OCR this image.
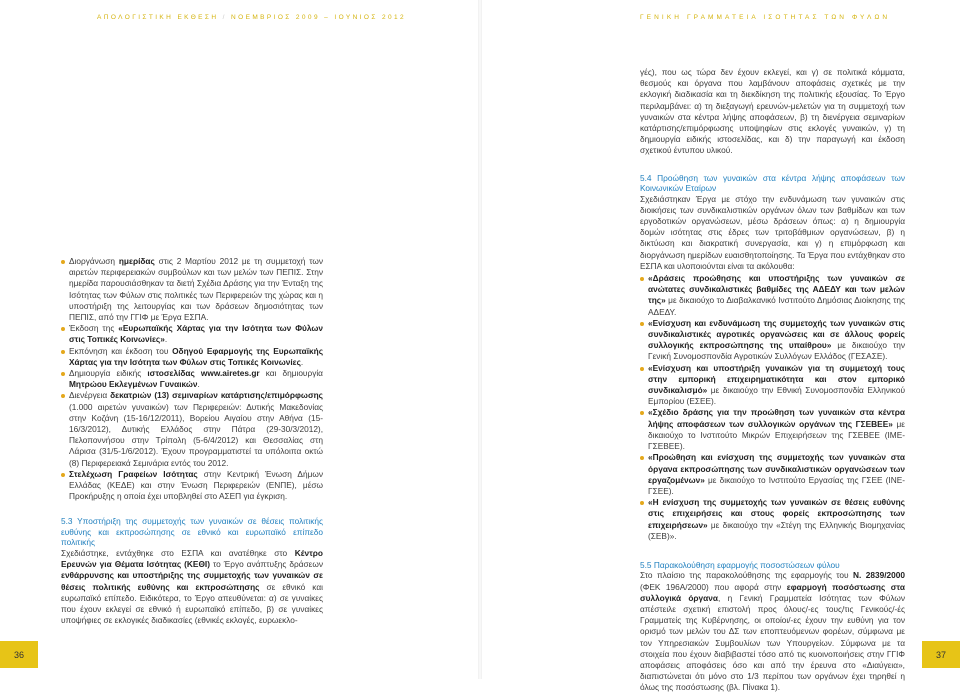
ΑΠΟΛΟΓΙΣΤΙΚΗ ΕΚΘΕΣΗ / ΝΟΕΜΒΡΙΟΣ 2009 – ΙΟΥΝΙΟΣ 2012	ΓΕΝΙΚΗ ΓΡΑΜΜΑΤΕΙΑ ΙΣΟΤΗΤΑΣ ΤΩΝ ΦΥΛΩΝ

Διοργάνωση ημερίδας στις 2 Μαρτίου 2012 με τη συμμετοχή των αιρετών περιφερειακών συμβούλων και των μελών των ΠΕΠΙΣ. Στην ημερίδα παρουσιάσθηκαν τα διετή Σχέδια Δράσης για την Ένταξη της Ισότητας των Φύλων στις πολιτικές των Περιφερειών της χώρας και η υποστήριξη της λειτουργίας και των δράσεων δημοσιότητας των ΠΕΠΙΣ, από την ΓΓΙΦ με Έργα ΕΣΠΑ.

Έκδοση της «Ευρωπαϊκής Χάρτας για την Ισότητα των Φύλων στις Τοπικές Κοινωνίες».

Εκπόνηση και έκδοση του Οδηγού Εφαρμογής της Ευρωπαϊκής Χάρτας για την Ισότητα των Φύλων στις Τοπικές Κοινωνίες.

Δημιουργία ειδικής ιστοσελίδας www.airetes.gr και δημιουργία Μητρώου Εκλεγμένων Γυναικών.

Διενέργεια δεκατριών (13) σεμιναρίων κατάρτισης/επιμόρφωσης (1.000 αιρετών γυναικών) των Περιφερειών: Δυτικής Μακεδονίας στην Κοζάνη (15-16/12/2011), Βορείου Αιγαίου στην Αθήνα (15-16/3/2012), Δυτικής Ελλάδος στην Πάτρα (29-30/3/2012), Πελοποννήσου στην Τρίπολη (5-6/4/2012) και Θεσσαλίας στη Λάρισα (31/5-1/6/2012). Έχουν προγραμματιστεί τα υπόλοιπα οκτώ (8) Περιφερειακά Σεμινάρια εντός του 2012.

Στελέχωση Γραφείων Ισότητας στην Κεντρική Ένωση Δήμων Ελλάδας (ΚΕΔΕ) και στην Ένωση Περιφερειών (ΕΝΠΕ), μέσω Προκήρυξης η οποία έχει υποβληθεί στο ΑΣΕΠ για έγκριση.

5.3 Υποστήριξη της συμμετοχής των γυναικών σε θέσεις πολιτικής ευθύνης και εκπροσώπησης σε εθνικό και ευρωπαϊκό επίπεδο πολιτικής

Σχεδιάστηκε, εντάχθηκε στο ΕΣΠΑ και ανατέθηκε στο Κέντρο Ερευνών για Θέματα Ισότητας (ΚΕΘΙ) το Έργο ανάπτυξης δράσεων ενθάρρυνσης και υποστήριξης της συμμετοχής των γυναικών σε θέσεις πολιτικής ευθύνης και εκπροσώπησης σε εθνικό και ευρωπαϊκό επίπεδο. Ειδικότερα, το Έργο απευθύνεται: α) σε γυναίκες που έχουν εκλεγεί σε εθνικό ή ευρωπαϊκό επίπεδο, β) σε γυναίκες υποψήφιες σε εκλογικές διαδικασίες (εθνικές εκλογές, ευρωεκλο-

γές), που ως τώρα δεν έχουν εκλεγεί, και γ) σε πολιτικά κόμματα, θεσμούς και όργανα που λαμβάνουν αποφάσεις σχετικές με την εκλογική διαδικασία και τη διεκδίκηση της πολιτικής εξουσίας. Το Έργο περιλαμβάνει: α) τη διεξαγωγή ερευνών-μελετών για τη συμμετοχή των γυναικών στα κέντρα λήψης αποφάσεων, β) τη διενέργεια σεμιναρίων κατάρτισης/επιμόρφωσης υποψηφίων στις εκλογές γυναικών, γ) τη δημιουργία ειδικής ιστοσελίδας, και δ) την παραγωγή και έκδοση σχετικού έντυπου υλικού.

5.4 Προώθηση των γυναικών στα κέντρα λήψης αποφάσεων των Κοινωνικών Εταίρων

Σχεδιάστηκαν Έργα με στόχο την ενδυνάμωση των γυναικών στις διοικήσεις των συνδικαλιστικών οργάνων όλων των βαθμίδων και των εργοδοτικών οργανώσεων, μέσω δράσεων όπως: α) η δημιουργία δομών ισότητας στις έδρες των τριτοβάθμιων οργανώσεων, β) η δικτύωση και διακρατική συνεργασία, και γ) η επιμόρφωση και διοργάνωση ημερίδων ευαισθητοποίησης. Τα Έργα που εντάχθηκαν στο ΕΣΠΑ και υλοποιούνται είναι τα ακόλουθα:

«Δράσεις προώθησης και υποστήριξης των γυναικών σε ανώτατες συνδικαλιστικές βαθμίδες της ΑΔΕΔΥ και των μελών της» με δικαιούχο το Διαβαλκανικό Ινστιτούτο Δημόσιας Διοίκησης της ΑΔΕΔΥ.

«Ενίσχυση και ενδυνάμωση της συμμετοχής των γυναικών στις συνδικαλιστικές αγροτικές οργανώσεις και σε άλλους φορείς συλλογικής εκπροσώπησης της υπαίθρου» με δικαιούχο την Γενική Συνομοσπονδία Αγροτικών Συλλόγων Ελλάδος (ΓΕΣΑΣΕ).

«Ενίσχυση και υποστήριξη γυναικών για τη συμμετοχή τους στην εμπορική επιχειρηματικότητα και στον εμπορικό συνδικαλισμό» με δικαιούχο την Εθνική Συνομοσπονδία Ελληνικού Εμπορίου (ΕΣΕΕ).

«Σχέδιο δράσης για την προώθηση των γυναικών στα κέντρα λήψης αποφάσεων των συλλογικών οργάνων της ΓΣΕΒΕΕ» με δικαιούχο το Ινστιτούτο Μικρών Επιχειρήσεων της ΓΣΕΒΕΕ (ΙΜΕ-ΓΣΕΒΕΕ).

«Προώθηση και ενίσχυση της συμμετοχής των γυναικών στα όργανα εκπροσώπησης των συνδικαλιστικών οργανώσεων των εργαζομένων» με δικαιούχο το Ινστιτούτο Εργασίας της ΓΣΕΕ (ΙΝΕ-ΓΣΕΕ).

«Η ενίσχυση της συμμετοχής των γυναικών σε θέσεις ευθύνης στις επιχειρήσεις και στους φορείς εκπροσώπησης των επιχειρήσεων» με δικαιούχο την «Στέγη της Ελληνικής Βιομηχανίας (ΣΕΒ)».

5.5 Παρακολούθηση εφαρμογής ποσοστώσεων φύλου

Στο πλαίσιο της παρακολούθησης της εφαρμογής του Ν. 2839/2000 (ΦΕΚ 196Α/2000) που αφορά στην εφαρμογή ποσόστωσης στα συλλογικά όργανα, η Γενική Γραμματεία Ισότητας των Φύλων απέστειλε σχετική επιστολή προς όλους/-ες τους/τις Γενικούς/-ές Γραμματείς της Κυβέρνησης, οι οποίοι/-ες έχουν την ευθύνη για τον ορισμό των μελών του ΔΣ των εποπτευόμενων φορέων, σύμφωνα με τον Υπηρεσιακών Συμβουλίων των Υπουργείων. Σύμφωνα με τα στοιχεία που έχουν διαβιβαστεί τόσο από τις κυοινοποιήσεις στην ΓΓΙΦ αποφάσεις αποφάσεις όσο και από την έρευνα στο «Διαύγεια», διαπιστώνεται ότι μόνο στο 1/3 περίπου των οργάνων έχει τηρηθεί η όλως της ποσόστωσης (βλ. Πίνακα 1).

36	37
